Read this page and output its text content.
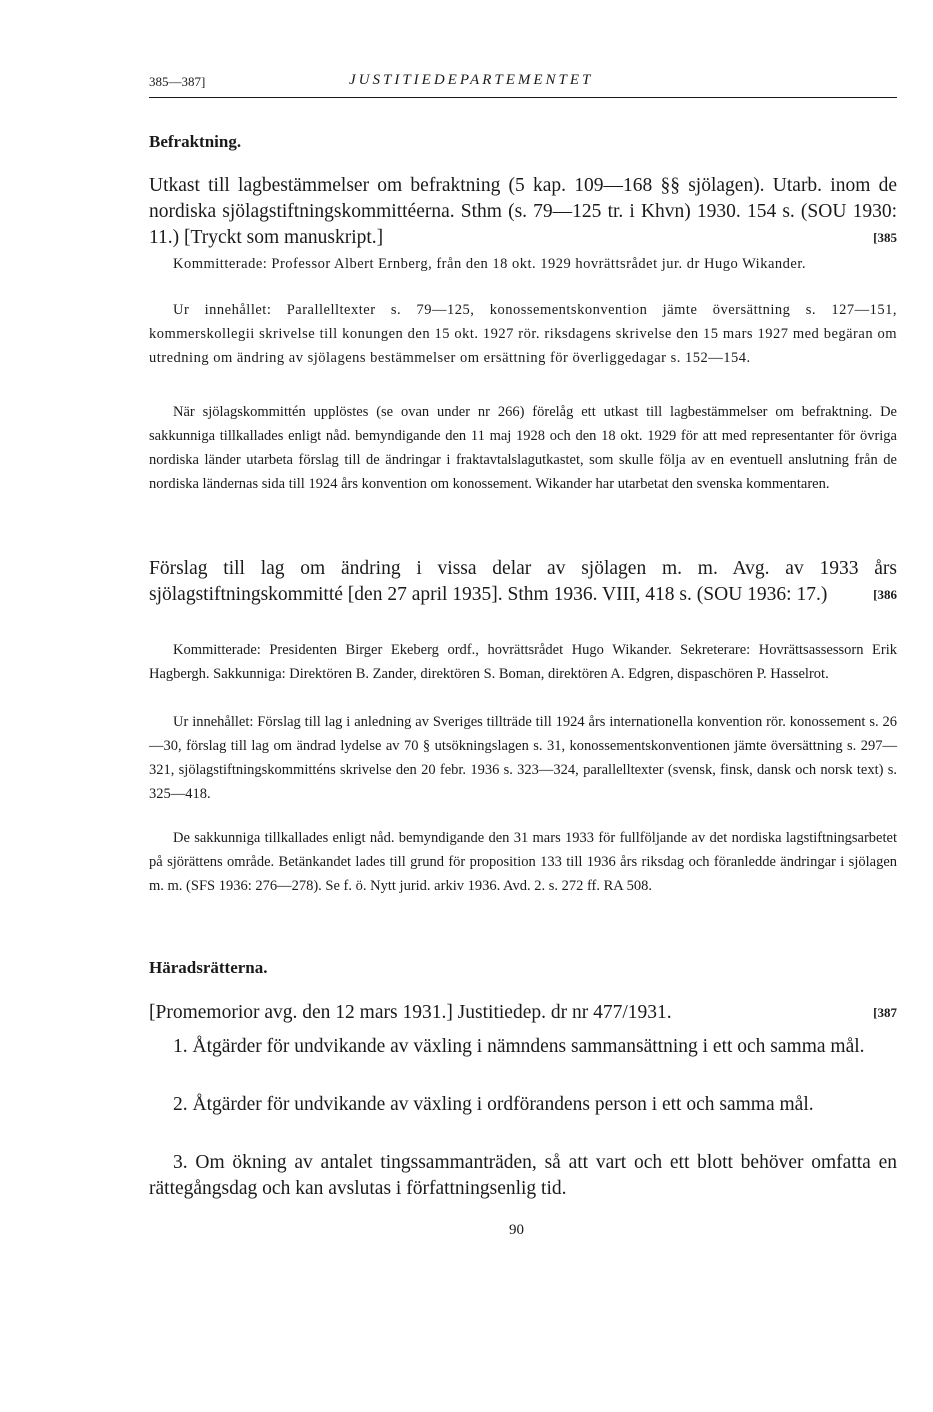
385—387]	JUSTITIEDEPARTEMENTET
Befraktning.

Utkast till lagbestämmelser om befraktning (5 kap. 109—168 §§ sjölagen). Utarb. inom de nordiska sjölagstiftningskommittéerna. Sthm (s. 79—125 tr. i Khvn) 1930. 154 s. (SOU 1930: 11.) [Tryckt som manuskript.]	[385

Kommitterade: Professor Albert Ernberg, från den 18 okt. 1929 hovrättsrådet jur. dr Hugo Wikander.
Ur innehållet: Parallelltexter s. 79—125, konossementskonvention jämte översättning s. 127—151, kommerskollegii skrivelse till konungen den 15 okt. 1927 rör. riksdagens skrivelse den 15 mars 1927 med begäran om utredning om ändring av sjölagens bestämmelser om ersättning för överliggedagar s. 152—154.
När sjölagskommittén upplöstes (se ovan under nr 266) förelåg ett utkast till lagbestämmelser om befraktning. De sakkunniga tillkallades enligt nåd. bemyndigande den 11 maj 1928 och den 18 okt. 1929 för att med representanter för övriga nordiska länder utarbeta förslag till de ändringar i fraktavtalslagutkastet, som skulle följa av en eventuell anslutning från de nordiska ländernas sida till 1924 års konvention om konossement. Wikander har utarbetat den svenska kommentaren.

Förslag till lag om ändring i vissa delar av sjölagen m. m. Avg. av 1933 års sjölagstiftningskommitté [den 27 april 1935]. Sthm 1936. VIII, 418 s. (SOU 1936: 17.)	[386

Kommitterade: Presidenten Birger Ekeberg ordf., hovrättsrådet Hugo Wikander. Sekreterare: Hovrättsassessorn Erik Hagbergh. Sakkunniga: Direktören B. Zander, direktören S. Boman, direktören A. Edgren, dispaschören P. Hasselrot.
Ur innehållet: Förslag till lag i anledning av Sveriges tillträde till 1924 års internationella konvention rör. konossement s. 26—30, förslag till lag om ändrad lydelse av 70 § utsökningslagen s. 31, konossementskonventionen jämte översättning s. 297—321, sjölagstiftningskommitténs skrivelse den 20 febr. 1936 s. 323—324, parallelltexter (svensk, finsk, dansk och norsk text) s. 325—418.
De sakkunniga tillkallades enligt nåd. bemyndigande den 31 mars 1933 för fullföljande av det nordiska lagstiftningsarbetet på sjörättens område. Betänkandet lades till grund för proposition 133 till 1936 års riksdag och föranledde ändringar i sjölagen m. m. (SFS 1936: 276—278). Se f. ö. Nytt jurid. arkiv 1936. Avd. 2. s. 272 ff. RA 508.
Häradsrätterna.

[Promemorior avg. den 12 mars 1931.] Justitiedep. dr nr 477/1931.	[387

1. Åtgärder för undvikande av växling i nämndens sammansättning i ett och samma mål.
2. Åtgärder för undvikande av växling i ordförandens person i ett och samma mål.
3. Om ökning av antalet tingssammanträden, så att vart och ett blott behöver omfatta en rättegångsdag och kan avslutas i författningsenlig tid.
90
